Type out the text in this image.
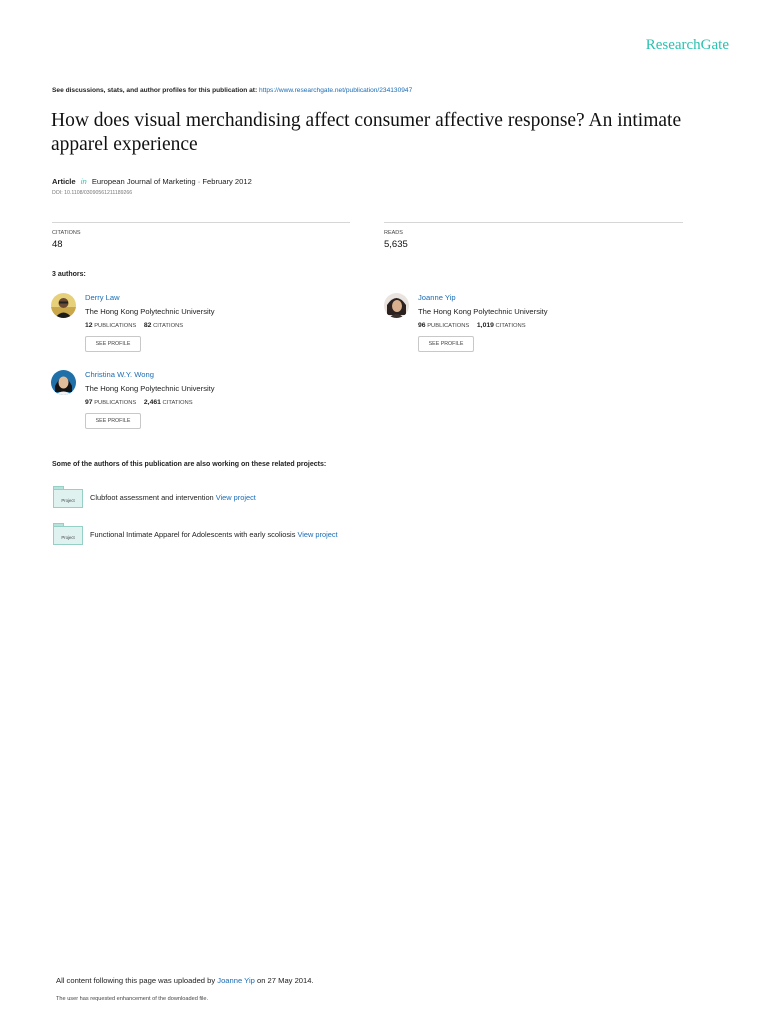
ResearchGate
See discussions, stats, and author profiles for this publication at: https://www.researchgate.net/publication/234130947
How does visual merchandising affect consumer affective response? An intimate apparel experience
Article in European Journal of Marketing · February 2012
DOI: 10.1108/03090561211189266
CITATIONS
48
READS
5,635
3 authors:
Derry Law
The Hong Kong Polytechnic University
12 PUBLICATIONS 82 CITATIONS
SEE PROFILE
Joanne Yip
The Hong Kong Polytechnic University
96 PUBLICATIONS 1,019 CITATIONS
SEE PROFILE
Christina W.Y. Wong
The Hong Kong Polytechnic University
97 PUBLICATIONS 2,461 CITATIONS
SEE PROFILE
Some of the authors of this publication are also working on these related projects:
Project	Clubfoot assessment and intervention View project
Project	Functional Intimate Apparel for Adolescents with early scoliosis View project
All content following this page was uploaded by Joanne Yip on 27 May 2014.
The user has requested enhancement of the downloaded file.
